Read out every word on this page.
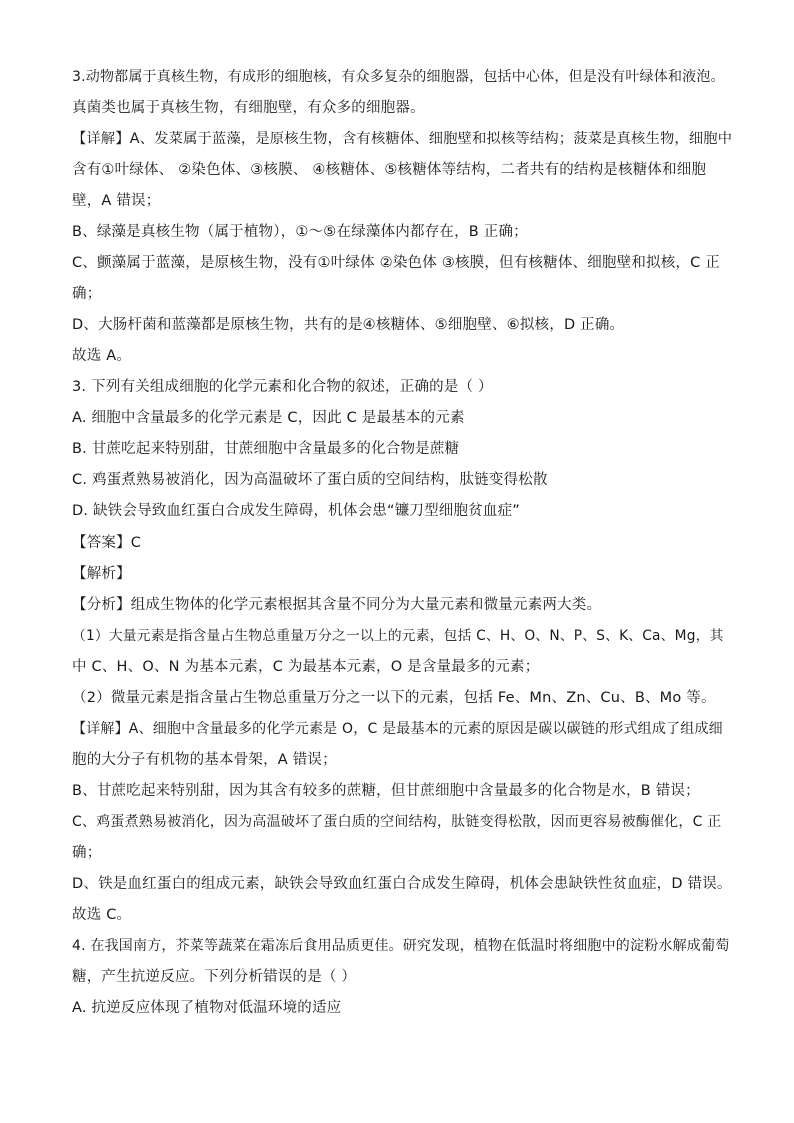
3.动物都属于真核生物，有成形的细胞核，有众多复杂的细胞器，包括中心体，但是没有叶绿体和液泡。
真菌类也属于真核生物，有细胞壁，有众多的细胞器。
【详解】A、发菜属于蓝藻，是原核生物，含有核糖体、细胞壁和拟核等结构；菠菜是真核生物，细胞中
含有①叶绿体、 ②染色体、③核膜、 ④核糖体、⑤核糖体等结构，二者共有的结构是核糖体和细胞
壁，A 错误；
B、绿藻是真核生物（属于植物），①～⑤在绿藻体内都存在，B 正确；
C、颤藻属于蓝藻，是原核生物，没有①叶绿体 ②染色体 ③核膜，但有核糖体、细胞壁和拟核，C 正
确；
D、大肠杆菌和蓝藻都是原核生物，共有的是④核糖体、⑤细胞壁、⑥拟核，D 正确。
故选 A。
3. 下列有关组成细胞的化学元素和化合物的叙述，正确的是（ ）
A. 细胞中含量最多的化学元素是 C，因此 C 是最基本的元素
B. 甘蔗吃起来特别甜，甘蔗细胞中含量最多的化合物是蔗糖
C. 鸡蛋煮熟易被消化，因为高温破坏了蛋白质的空间结构，肽链变得松散
D. 缺铁会导致血红蛋白合成发生障碍，机体会患“镰刀型细胞贫血症”
【答案】C
【解析】
【分析】组成生物体的化学元素根据其含量不同分为大量元素和微量元素两大类。
（1）大量元素是指含量占生物总重量万分之一以上的元素，包括 C、H、O、N、P、S、K、Ca、Mg，其
中 C、H、O、N 为基本元素，C 为最基本元素，O 是含量最多的元素；
（2）微量元素是指含量占生物总重量万分之一以下的元素，包括 Fe、Mn、Zn、Cu、B、Mo 等。
【详解】A、细胞中含量最多的化学元素是 O，C 是最基本的元素的原因是碳以碳链的形式组成了组成细
胞的大分子有机物的基本骨架，A 错误；
B、甘蔗吃起来特别甜，因为其含有较多的蔗糖，但甘蔗细胞中含量最多的化合物是水，B 错误；
C、鸡蛋煮熟易被消化，因为高温破坏了蛋白质的空间结构，肽链变得松散，因而更容易被酶催化，C 正
确；
D、铁是血红蛋白的组成元素，缺铁会导致血红蛋白合成发生障碍，机体会患缺铁性贫血症，D 错误。
故选 C。
4. 在我国南方，芥菜等蔬菜在霜冻后食用品质更佳。研究发现，植物在低温时将细胞中的淀粉水解成葡萄
糖，产生抗逆反应。下列分析错误的是（ ）
A. 抗逆反应体现了植物对低温环境的适应
